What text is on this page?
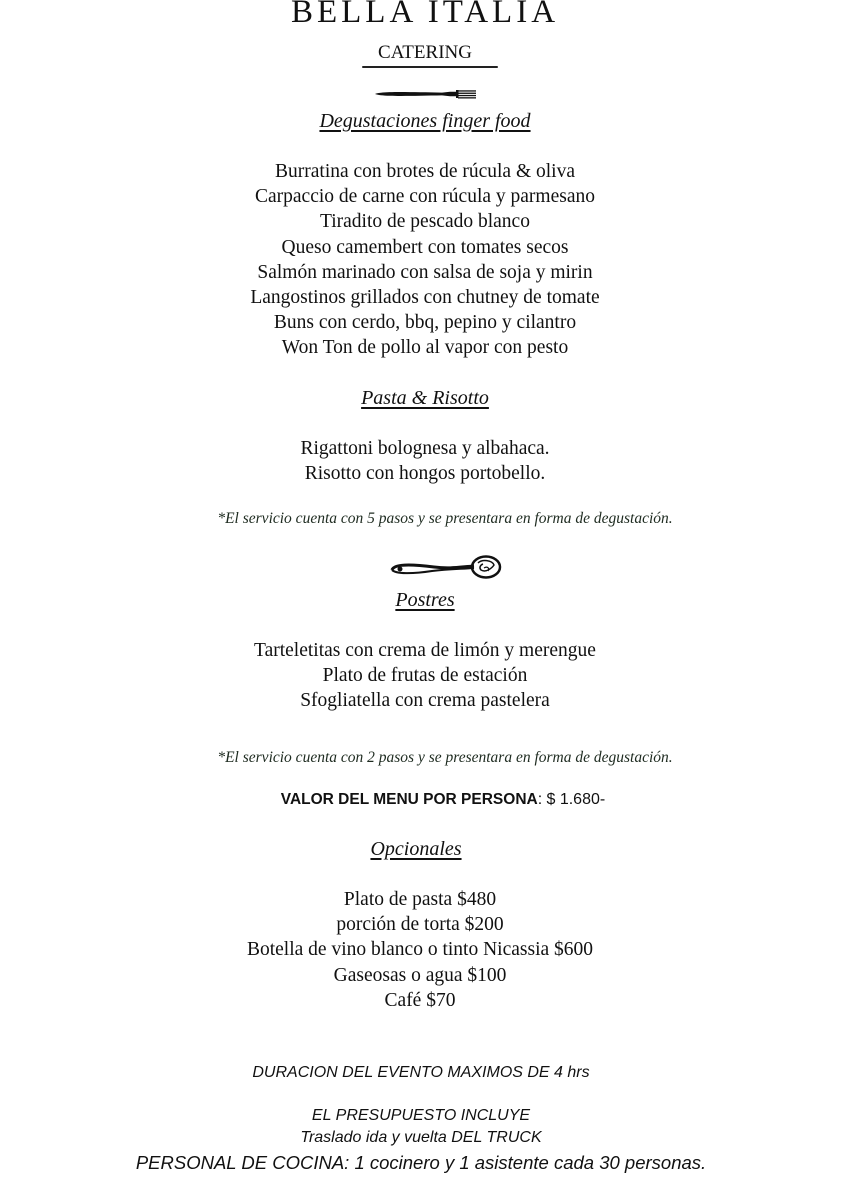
BELLA ITALIA
CATERING
Degustaciones finger food
Burratina con brotes de rúcula & oliva
Carpaccio de carne con rúcula y parmesano
Tiradito de pescado blanco
Queso camembert con tomates secos
Salmón marinado con salsa de soja y mirin
Langostinos grillados con chutney de tomate
Buns con cerdo, bbq, pepino y cilantro
Won Ton de pollo al vapor con pesto
Pasta & Risotto
Rigattoni bolognesa y albahaca.
Risotto con hongos portobello.
*El servicio cuenta con 5 pasos y se presentara en forma de degustación.
Postres
Tarteletitas con crema de limón y merengue
Plato de frutas de estación
Sfogliatella con crema pastelera
*El servicio cuenta con 2 pasos y se presentara en forma de degustación.
VALOR DEL MENU POR PERSONA: $ 1.680-
Opcionales
Plato de pasta $480
porción de torta $200
Botella de vino blanco o tinto Nicassia $600
Gaseosas o agua $100
Café $70
DURACION DEL EVENTO MAXIMOS DE 4 hrs
EL PRESUPUESTO INCLUYE
Traslado ida y vuelta DEL TRUCK
PERSONAL DE COCINA: 1 cocinero y 1 asistente cada 30 personas.
